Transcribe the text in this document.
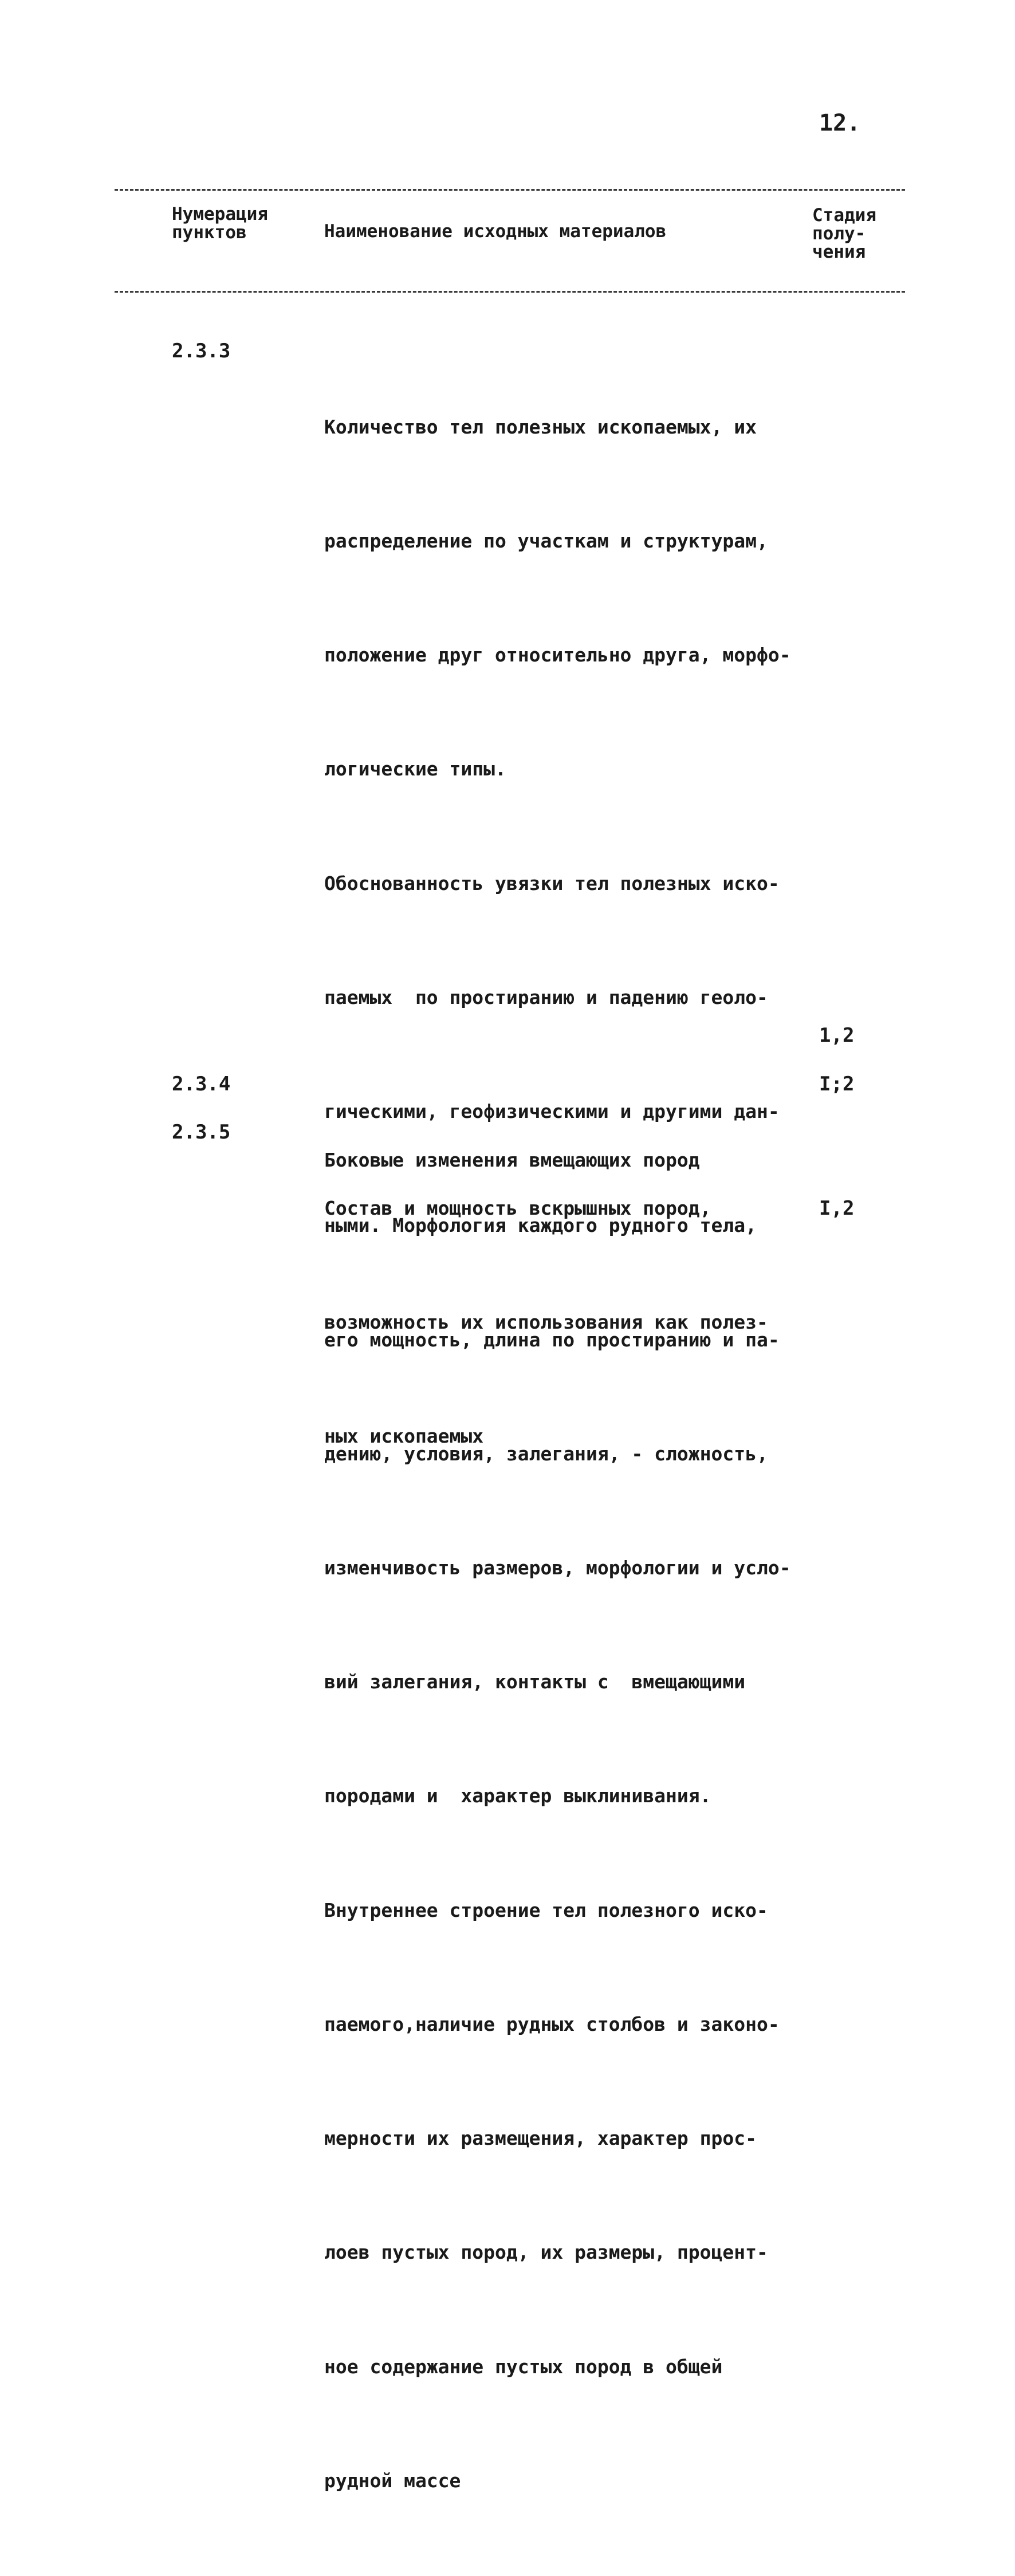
12.
Нумерация
пунктов	Наименование исходных материалов
Стадия
полу-
чения
2.3.3

Количество тел полезных ископаемых, их

распределение по участкам и структурам,

положение друг относительно друга, морфо-

логические типы.

Обоснованность увязки тел полезных иско-

паемых  по простиранию и падению геоло-

гическими, геофизическими и другими дан-

ными. Морфология каждого рудного тела,

его мощность, длина по простиранию и па-

дению, условия, залегания, - сложность,

изменчивость размеров, морфологии и усло-

вий залегания, контакты с  вмещающими

породами и  характер выклинивания.

Внутреннее строение тел полезного иско-

паемого,наличие рудных столбов и законо-

мерности их размещения, характер прос-

лоев пустых пород, их размеры, процент-

ное содержание пустых пород в общей

рудной массе

1,2
2.3.4

Боковые изменения вмещающих пород

I;2
2.3.5

Состав и мощность вскрышных пород,

возможность их использования как полез-

ных ископаемых

I,2
